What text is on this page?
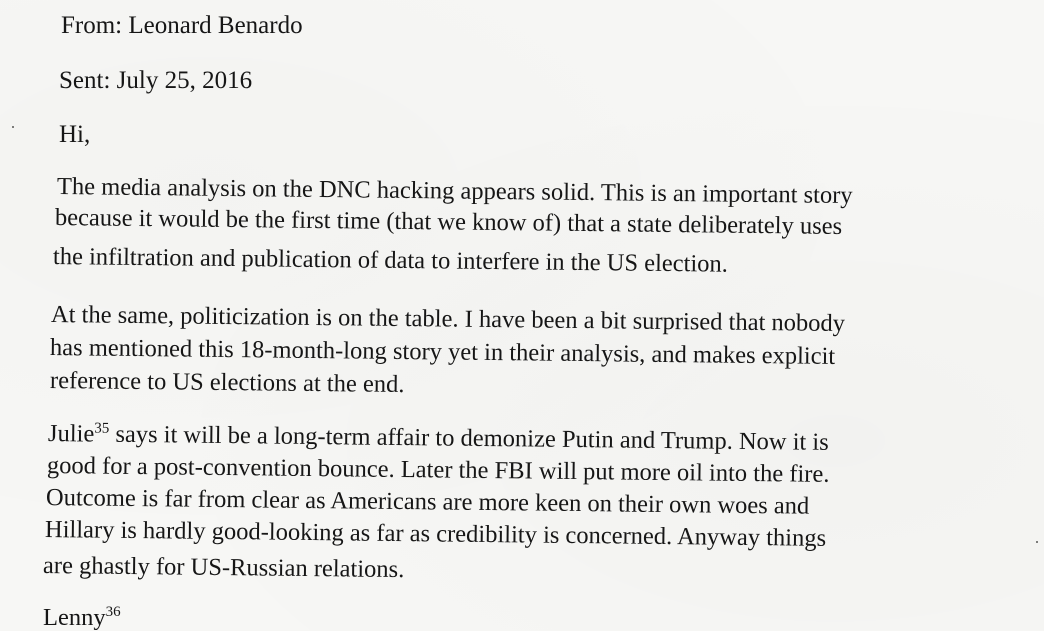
From: Leonard Benardo
Sent: July 25, 2016
Hi,
The media analysis on the DNC hacking appears solid. This is an important story
because it would be the first time (that we know of) that a state deliberately uses
the infiltration and publication of data to interfere in the US election.
At the same, politicization is on the table. I have been a bit surprised that nobody
has mentioned this 18-month-long story yet in their analysis, and makes explicit
reference to US elections at the end.
Julie$^{35}$ says it will be a long-term affair to demonize Putin and Trump. Now it is
good for a post-convention bounce. Later the FBI will put more oil into the fire.
Outcome is far from clear as Americans are more keen on their own woes and
Hillary is hardly good-looking as far as credibility is concerned. Anyway things
are ghastly for US-Russian relations.
Lenny$^{36}$
